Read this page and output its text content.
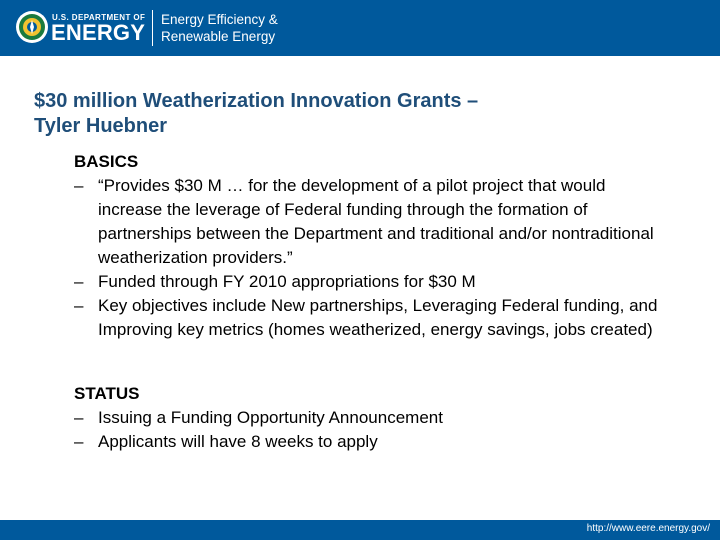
U.S. DEPARTMENT OF
ENERGY
Energy Efficiency &
Renewable Energy
$30 million Weatherization Innovation Grants –
Tyler Huebner
BASICS
– “Provides $30 M … for the development of a pilot project that would increase the leverage of Federal funding through the formation of partnerships between the Department and traditional and/or nontraditional weatherization providers.”
– Funded through FY 2010 appropriations for $30 M
– Key objectives include New partnerships, Leveraging Federal funding, and Improving key metrics (homes weatherized, energy savings, jobs created)
STATUS
– Issuing a Funding Opportunity Announcement
– Applicants will have 8 weeks to apply
http://www.eere.energy.gov/
